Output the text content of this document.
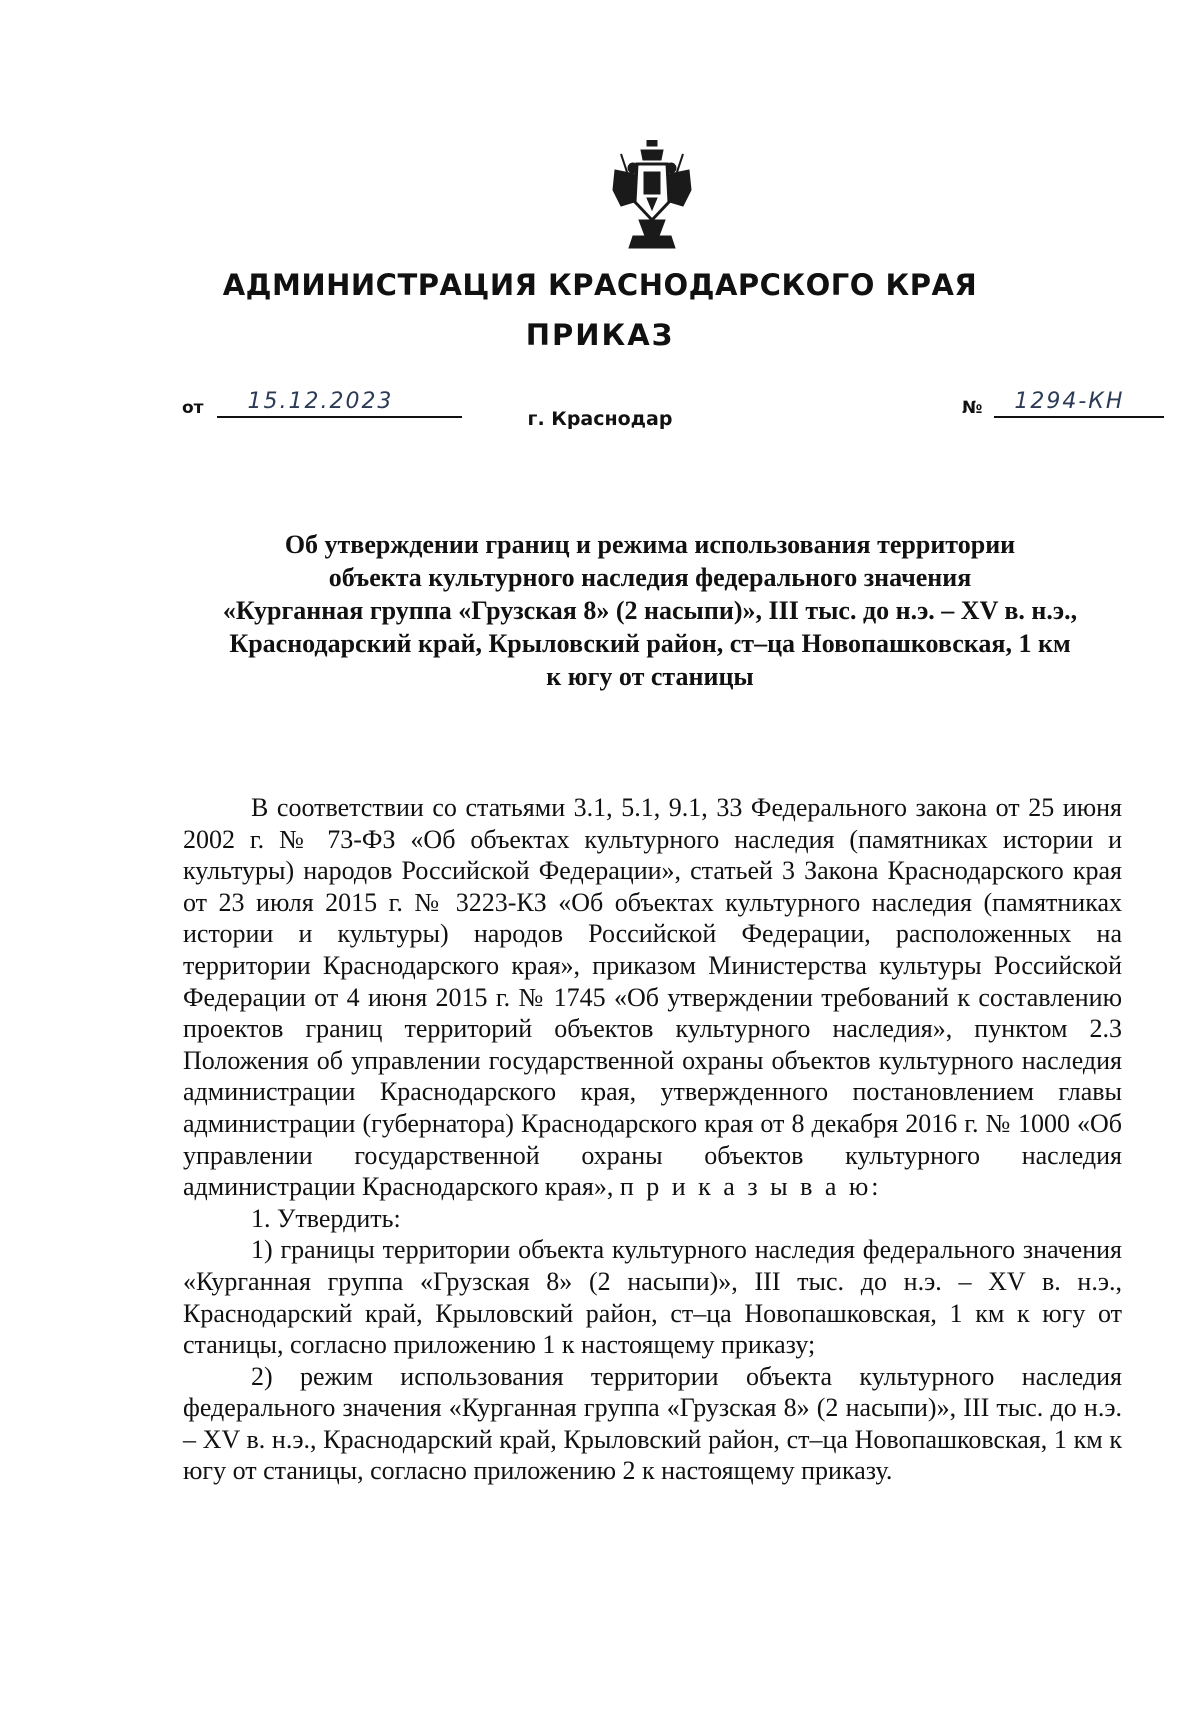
АДМИНИСТРАЦИЯ КРАСНОДАРСКОГО КРАЯ
ПРИКАЗ
от 15.12.2023	№ 1294-КН
г. Краснодар
Об утверждении границ и режима использования территории
объекта культурного наследия федерального значения
«Курганная группа «Грузская 8» (2 насыпи)», III тыс. до н.э. – XV в. н.э.,
Краснодарский край, Крыловский район, ст–ца Новопашковская, 1 км
к югу от станицы

В соответствии со статьями 3.1, 5.1, 9.1, 33 Федерального закона от 25 июня 2002 г. № 73-ФЗ «Об объектах культурного наследия (памятниках истории и культуры) народов Российской Федерации», статьей 3 Закона Краснодарского края от 23 июля 2015 г. № 3223-КЗ «Об объектах культурного наследия (памятниках истории и культуры) народов Российской Федерации, расположенных на территории Краснодарского края», приказом Министерства культуры Российской Федерации от 4 июня 2015 г. № 1745 «Об утверждении требований к составлению проектов границ территорий объектов культурного наследия», пунктом 2.3 Положения об управлении государственной охраны объектов культурного наследия администрации Краснодарского края, утвержденного постановлением главы администрации (губернатора) Краснодарского края от 8 декабря 2016 г. № 1000 «Об управлении государственной охраны объектов культурного наследия администрации Краснодарского края», п р и к а з ы в а ю:

1. Утвердить:

1) границы территории объекта культурного наследия федерального значения «Курганная группа «Грузская 8» (2 насыпи)», III тыс. до н.э. – XV в. н.э., Краснодарский край, Крыловский район, ст–ца Новопашковская, 1 км к югу от станицы, согласно приложению 1 к настоящему приказу;

2) режим использования территории объекта культурного наследия федерального значения «Курганная группа «Грузская 8» (2 насыпи)», III тыс. до н.э. – XV в. н.э., Краснодарский край, Крыловский район, ст–ца Новопашковская, 1 км к югу от станицы, согласно приложению 2 к настоящему приказу.
